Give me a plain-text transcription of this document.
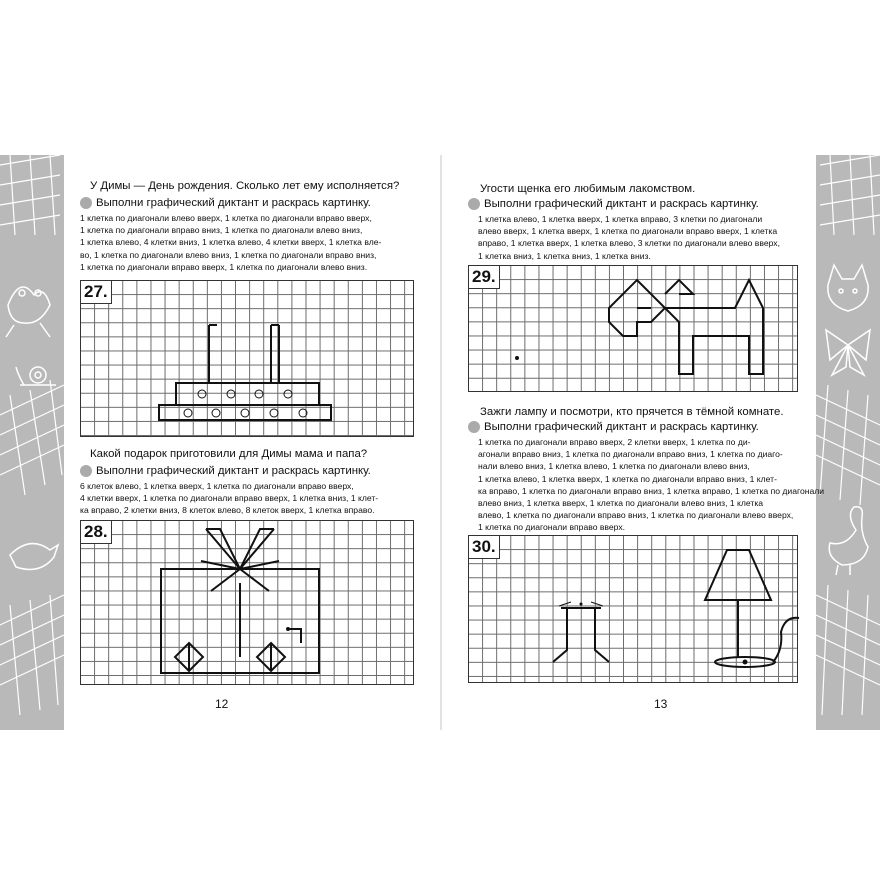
У Димы — День рождения. Сколько лет ему исполняется?
Выполни графический диктант и раскрась картинку.
1 клетка по диагонали влево вверх, 1 клетка по диагонали вправо вверх,
1 клетка по диагонали вправо вниз, 1 клетка по диагонали влево вниз,
1 клетка влево, 4 клетки вниз, 1 клетка влево, 4 клетки вверх, 1 клетка вле-
во, 1 клетка по диагонали влево вниз, 1 клетка по диагонали вправо вниз,
1 клетка по диагонали вправо вверх, 1 клетка по диагонали влево вниз.
27.
Какой подарок приготовили для Димы мама и папа?
Выполни графический диктант и раскрась картинку.
6 клеток влево, 1 клетка вверх, 1 клетка по диагонали вправо вверх,
4 клетки вверх, 1 клетка по диагонали вправо вверх, 1 клетка вниз, 1 клет-
ка вправо, 2 клетки вниз, 8 клеток влево, 8 клеток вверх, 1 клетка вправо.
28.
12
Угости щенка его любимым лакомством.
Выполни графический диктант и раскрась картинку.
1 клетка влево, 1 клетка вверх, 1 клетка вправо, 3 клетки по диагонали
влево вверх, 1 клетка вверх, 1 клетка по диагонали вправо вверх, 1 клетка
вправо, 1 клетка вверх, 1 клетка влево, 3 клетки по диагонали влево вверх,
1 клетка вниз, 1 клетка вниз, 1 клетка вниз.
29.
Зажги лампу и посмотри, кто прячется в тёмной комнате.
Выполни графический диктант и раскрась картинку.
1 клетка по диагонали вправо вверх, 2 клетки вверх, 1 клетка по ди-
агонали вправо вниз, 1 клетка по диагонали вправо вниз, 1 клетка по диаго-
нали влево вниз, 1 клетка влево, 1 клетка по диагонали влево вниз,
1 клетка влево, 1 клетка вверх, 1 клетка по диагонали вправо вниз, 1 клет-
ка вправо, 1 клетка по диагонали вправо вниз, 1 клетка вправо, 1 клетка по диагонали
влево вниз, 1 клетка вверх, 1 клетка по диагонали влево вниз, 1 клетка
влево, 1 клетка по диагонали вправо вниз, 1 клетка по диагонали влево вверх,
1 клетка по диагонали вправо вверх.
30.
13
